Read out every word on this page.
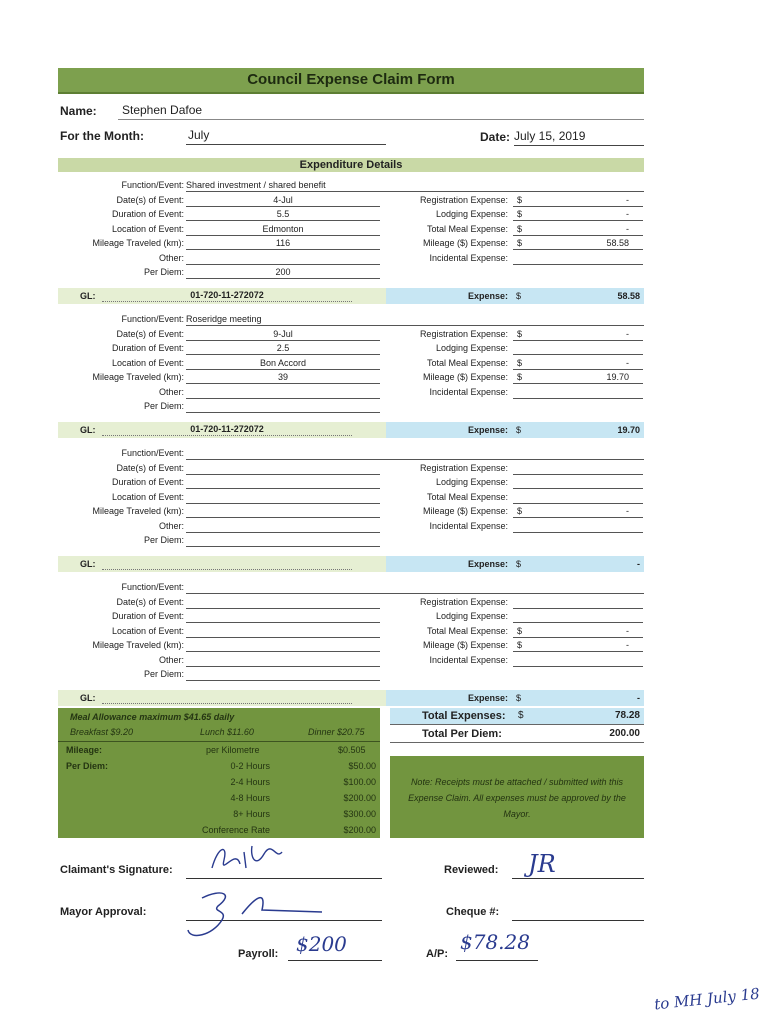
Council Expense Claim Form
Name:	Stephen Dafoe
For the Month:	July	Date: July 15, 2019
Expenditure Details
Function/Event: Shared investment / shared benefit
Date(s) of Event:	4-Jul
Duration of Event:	5.5
Location of Event:	Edmonton
Mileage Traveled (km):	116
Other:
Per Diem:	200
Registration Expense: $	-
Lodging Expense: $	-
Total Meal Expense: $	-
Mileage ($) Expense: $	58.58
Incidental Expense:
GL:	01-720-11-272072	Expense: $	58.58
Function/Event: Roseridge meeting
Date(s) of Event:	9-Jul
Duration of Event:	2.5
Location of Event:	Bon Accord
Mileage Traveled (km):	39
Other:
Per Diem:
Registration Expense: $	-
Lodging Expense:
Total Meal Expense: $	-
Mileage ($) Expense: $	19.70
Incidental Expense:
GL:	01-720-11-272072	Expense: $	19.70
Function/Event:
Date(s) of Event:
Duration of Event:
Location of Event:
Mileage Traveled (km):
Other:
Per Diem:
Registration Expense:
Lodging Expense:
Total Meal Expense:
Mileage ($) Expense: $	-
Incidental Expense:
GL:	Expense: $	-
Function/Event:
Date(s) of Event:
Duration of Event:
Location of Event:
Mileage Traveled (km):
Other:
Per Diem:
Registration Expense:
Lodging Expense:
Total Meal Expense: $	-
Mileage ($) Expense: $	-
Incidental Expense:
GL:	Expense: $	-
Meal Allowance maximum $41.65 daily
Breakfast $9.20	Lunch $11.60	Dinner $20.75
Mileage:	per Kilometre	$0.505
Per Diem:	0-2 Hours	$50.00
2-4 Hours	$100.00
4-8 Hours	$200.00
8+ Hours	$300.00
Conference Rate	$200.00
Total Expenses: $	78.28
Total Per Diem:	200.00
Note: Receipts must be attached / submitted with this Expense Claim. All expenses must be approved by the Mayor.
Claimant's Signature:	Reviewed: JR
Mayor Approval:	Cheque #:
Payroll: $200	A/P: $78.28
to MH July 18
